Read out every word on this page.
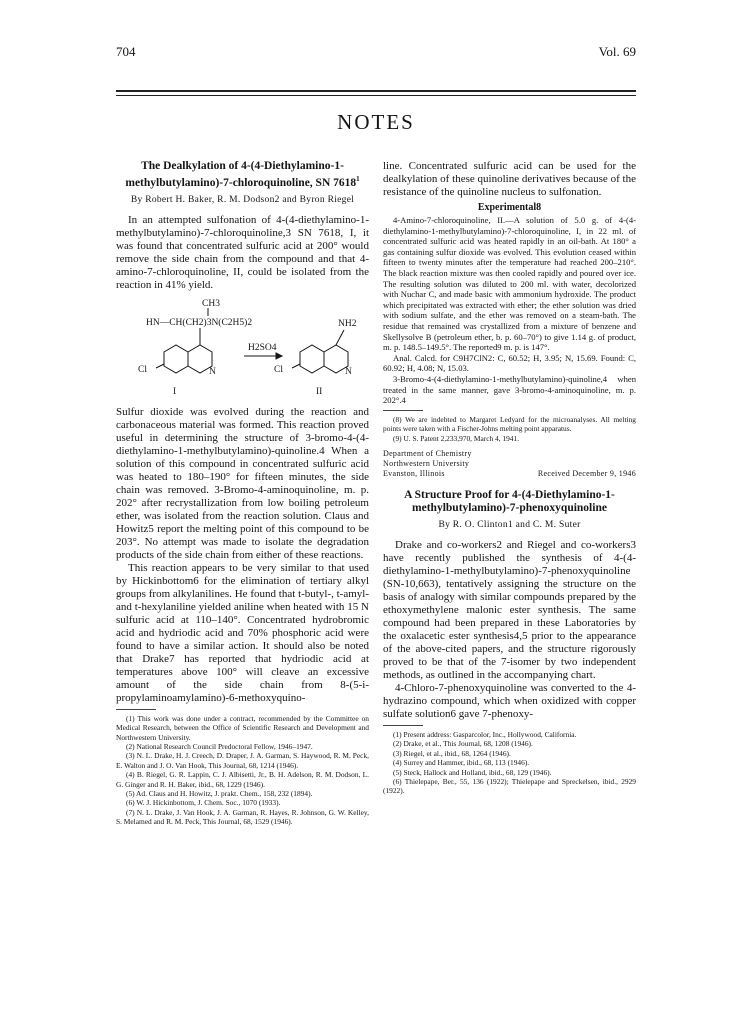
704	Vol. 69
NOTES

The Dealkylation of 4-(4-Diethylamino-1-methylbutylamino)-7-chloroquinoline, SN 7618$^1$

By Robert H. Baker, R. M. Dodson2 and Byron Riegel

In an attempted sulfonation of 4-(4-diethylamino-1-methylbutylamino)-7-chloroquinoline,3 SN 7618, I, it was found that concentrated sulfuric acid at 200° would remove the side chain from the compound and that 4-amino-7-chloroquinoline, II, could be isolated from the reaction in 41% yield.

CH3
HN—CH(CH2)3N(C2H5)2
Cl	N
I
H2SO4
NH2
Cl	N
II

Sulfur dioxide was evolved during the reaction and carbonaceous material was formed. This reaction proved useful in determining the structure of 3-bromo-4-(4-diethylamino-1-methylbutylamino)-quinoline.4 When a solution of this compound in concentrated sulfuric acid was heated to 180–190° for fifteen minutes, the side chain was removed. 3-Bromo-4-aminoquinoline, m. p. 202° after recrystallization from low boiling petroleum ether, was isolated from the reaction solution. Claus and Howitz5 report the melting point of this compound to be 203°. No attempt was made to isolate the degradation products of the side chain from either of these reactions.

This reaction appears to be very similar to that used by Hickinbottom6 for the elimination of tertiary alkyl groups from alkylanilines. He found that t-butyl-, t-amyl- and t-hexylaniline yielded aniline when heated with 15 N sulfuric acid at 110–140°. Concentrated hydrobromic acid and hydriodic acid and 70% phosphoric acid were found to have a similar action. It should also be noted that Drake7 has reported that hydriodic acid at temperatures above 100° will cleave an excessive amount of the side chain from 8-(5-i-propylaminoamylamino)-6-methoxyquino-

(1) This work was done under a contract, recommended by the Committee on Medical Research, between the Office of Scientific Research and Development and Northwestern University.

(2) National Research Council Predoctoral Fellow, 1946–1947.

(3) N. L. Drake, H. J. Creech, D. Draper, J. A. Garman, S. Haywood, R. M. Peck, E. Walton and J. O. Van Hook, This Journal, 68, 1214 (1946).

(4) B. Riegel, G. R. Lappin, C. J. Albisetti, Jr., B. H. Adelson, R. M. Dodson, L. G. Ginger and R. H. Baker, ibid., 68, 1229 (1946).

(5) Ad. Claus and H. Howitz, J. prakt. Chem., 158, 232 (1894).

(6) W. J. Hickinbottom, J. Chem. Soc., 1070 (1933).

(7) N. L. Drake, J. Van Hook, J. A. Garman, R. Hayes, R. Johnson, G. W. Kelley, S. Melamed and R. M. Peck, This Journal, 68, 1529 (1946).

line. Concentrated sulfuric acid can be used for the dealkylation of these quinoline derivatives because of the resistance of the quinoline nucleus to sulfonation.

Experimental8

4-Amino-7-chloroquinoline, II.—A solution of 5.0 g. of 4-(4-diethylamino-1-methylbutylamino)-7-chloroquinoline, I, in 22 ml. of concentrated sulfuric acid was heated rapidly in an oil-bath. At 180° a gas containing sulfur dioxide was evolved. This evolution ceased within fifteen to twenty minutes after the temperature had reached 200–210°. The black reaction mixture was then cooled rapidly and poured over ice. The resulting solution was diluted to 200 ml. with water, decolorized with Nuchar C, and made basic with ammonium hydroxide. The product which precipitated was extracted with ether; the ether solution was dried with sodium sulfate, and the ether was removed on a steam-bath. The residue that remained was crystallized from a mixture of benzene and Skellysolve B (petroleum ether, b. p. 60–70°) to give 1.14 g. of product, m. p. 148.5–149.5°. The reported9 m. p. is 147°.

Anal. Calcd. for C9H7ClN2: C, 60.52; H, 3.95; N, 15.69. Found: C, 60.92; H, 4.08; N, 15.03.

3-Bromo-4-(4-diethylamino-1-methylbutylamino)-quinoline,4 when treated in the same manner, gave 3-bromo-4-aminoquinoline, m. p. 202°.4

(8) We are indebted to Margaret Ledyard for the microanalyses. All melting points were taken with a Fischer-Johns melting point apparatus.

(9) U. S. Patent 2,233,970, March 4, 1941.

Department of Chemistry
Northwestern University
Evanston, Illinois	Received December 9, 1946

A Structure Proof for 4-(4-Diethylamino-1-methylbutylamino)-7-phenoxyquinoline

By R. O. Clinton1 and C. M. Suter

Drake and co-workers2 and Riegel and co-workers3 have recently published the synthesis of 4-(4-diethylamino-1-methylbutylamino)-7-phenoxyquinoline (SN-10,663), tentatively assigning the structure on the basis of analogy with similar compounds prepared by the ethoxymethylene malonic ester synthesis. The same compound had been prepared in these Laboratories by the oxalacetic ester synthesis4,5 prior to the appearance of the above-cited papers, and the structure rigorously proved to be that of the 7-isomer by two independent methods, as outlined in the accompanying chart.

4-Chloro-7-phenoxyquinoline was converted to the 4-hydrazino compound, which when oxidized with copper sulfate solution6 gave 7-phenoxy-

(1) Present address: Gasparcolor, Inc., Hollywood, California.

(2) Drake, et al., This Journal, 68, 1208 (1946).

(3) Riegel, et al., ibid., 68, 1264 (1946).

(4) Surrey and Hammer, ibid., 68, 113 (1946).

(5) Steck, Hallock and Holland, ibid., 68, 129 (1946).

(6) Thielepape, Ber., 55, 136 (1922); Thielepape and Spreckelsen, ibid., 2929 (1922).
